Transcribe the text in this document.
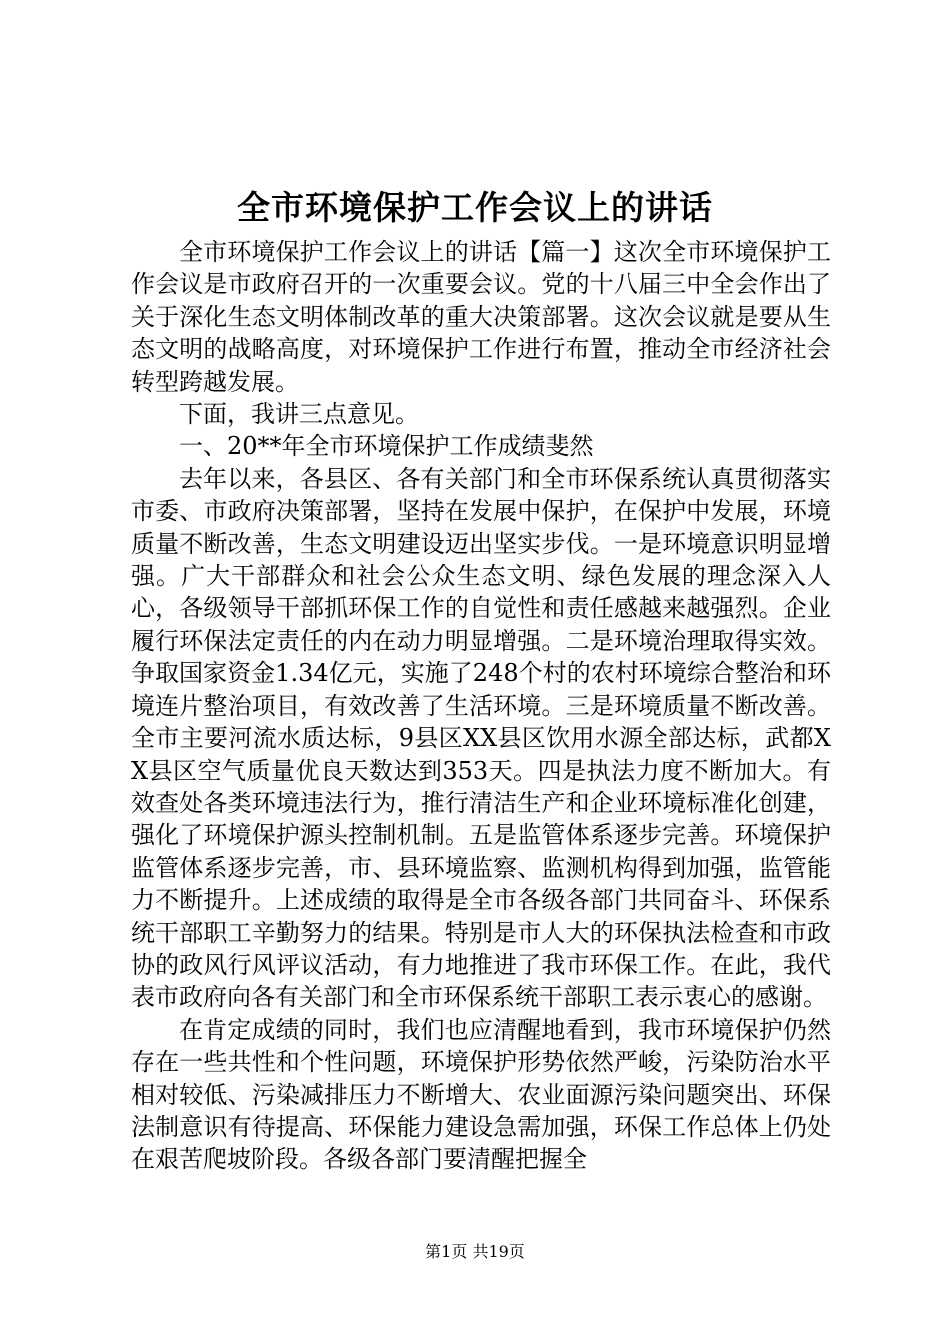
全市环境保护工作会议上的讲话

全市环境保护工作会议上的讲话【篇一】这次全市环境保护工作会议是市政府召开的一次重要会议。党的十八届三中全会作出了关于深化生态文明体制改革的重大决策部署。这次会议就是要从生态文明的战略高度，对环境保护工作进行布置，推动全市经济社会转型跨越发展。

下面，我讲三点意见。

一、20**年全市环境保护工作成绩斐然

去年以来，各县区、各有关部门和全市环保系统认真贯彻落实市委、市政府决策部署，坚持在发展中保护，在保护中发展，环境质量不断改善，生态文明建设迈出坚实步伐。一是环境意识明显增强。广大干部群众和社会公众生态文明、绿色发展的理念深入人心，各级领导干部抓环保工作的自觉性和责任感越来越强烈。企业履行环保法定责任的内在动力明显增强。二是环境治理取得实效。争取国家资金1.34亿元，实施了248个村的农村环境综合整治和环境连片整治项目，有效改善了生活环境。三是环境质量不断改善。全市主要河流水质达标，9县区XX县区饮用水源全部达标，武都XX县区空气质量优良天数达到353天。四是执法力度不断加大。有效查处各类环境违法行为，推行清洁生产和企业环境标准化创建，强化了环境保护源头控制机制。五是监管体系逐步完善。环境保护监管体系逐步完善，市、县环境监察、监测机构得到加强，监管能力不断提升。上述成绩的取得是全市各级各部门共同奋斗、环保系统干部职工辛勤努力的结果。特别是市人大的环保执法检查和市政协的政风行风评议活动，有力地推进了我市环保工作。在此，我代表市政府向各有关部门和全市环保系统干部职工表示衷心的感谢。

在肯定成绩的同时，我们也应清醒地看到，我市环境保护仍然存在一些共性和个性问题，环境保护形势依然严峻，污染防治水平相对较低、污染减排压力不断增大、农业面源污染问题突出、环保法制意识有待提高、环保能力建设急需加强，环保工作总体上仍处在艰苦爬坡阶段。各级各部门要清醒把握全

第1页 共19页
